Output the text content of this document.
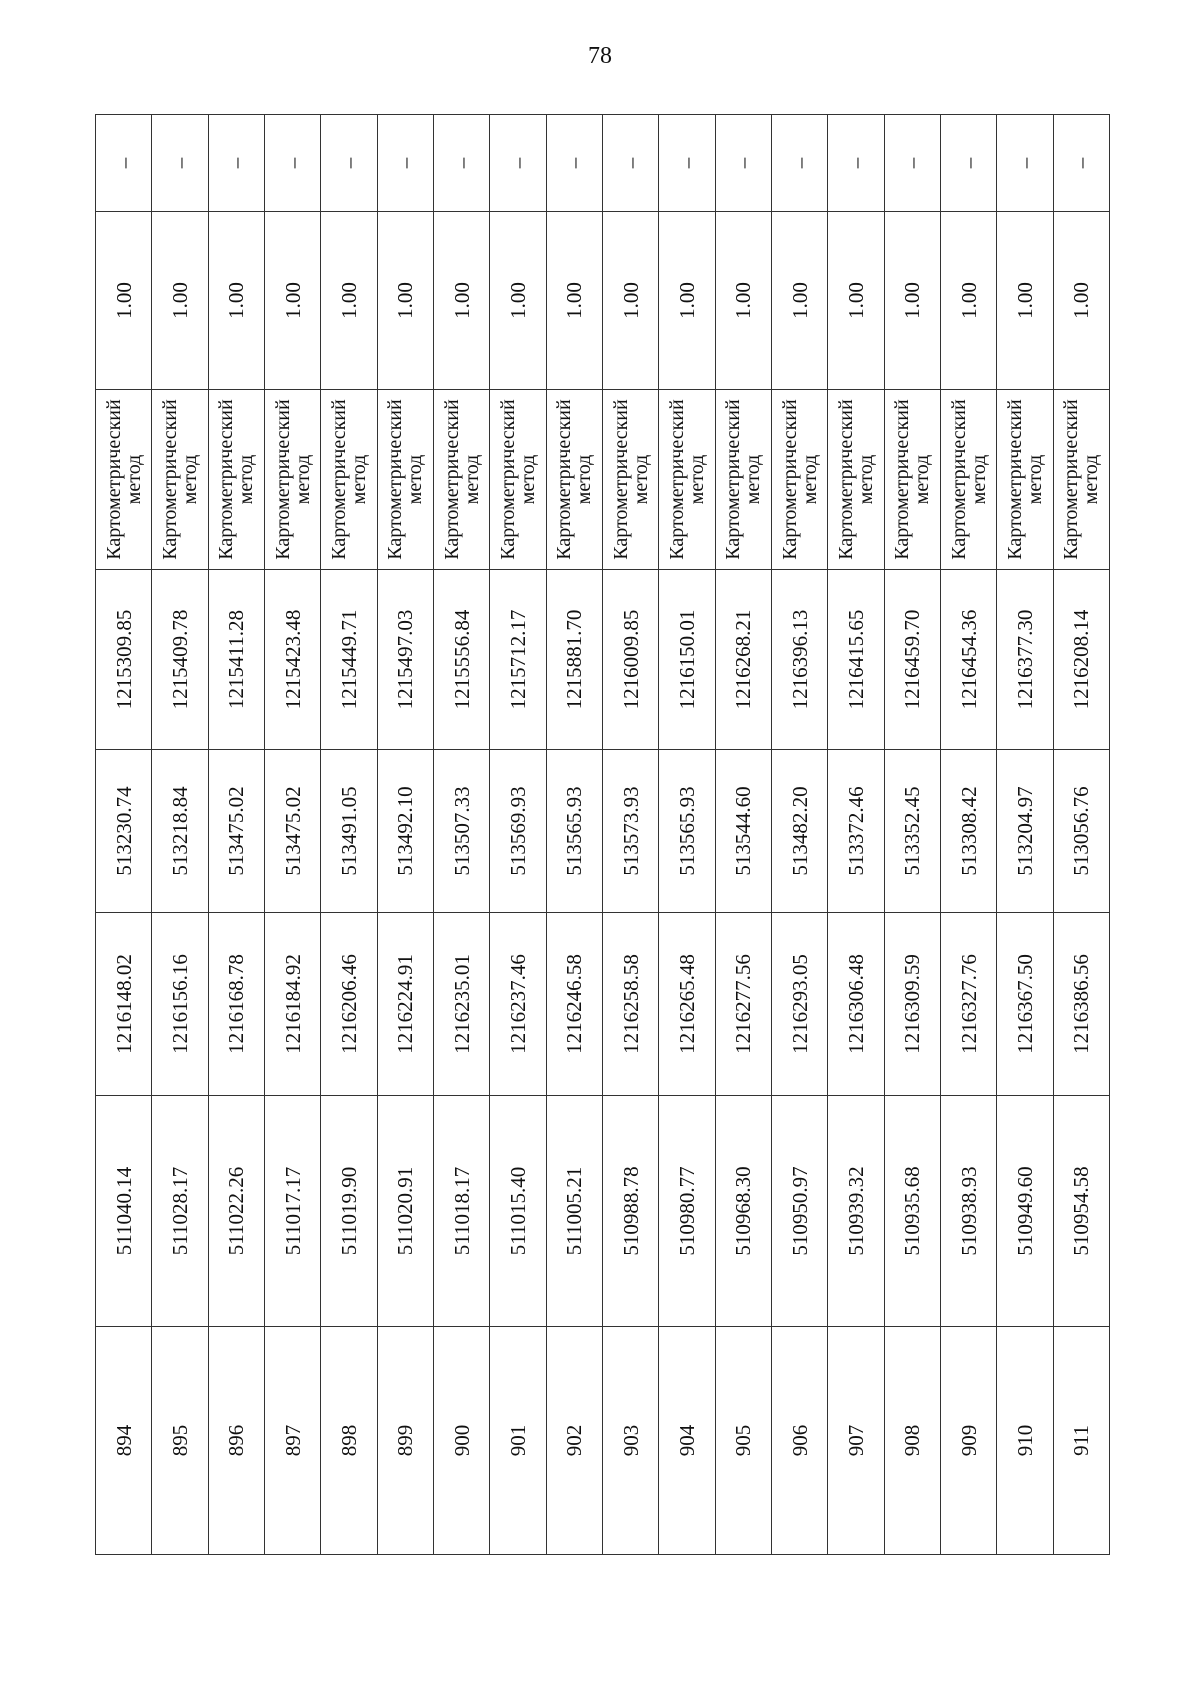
78
894	511040.14	1216148.02	513230.74	1215309.85	Картометрический метод	1.00	–
895	511028.17	1216156.16	513218.84	1215409.78	Картометрический метод	1.00	–
896	511022.26	1216168.78	513475.02	1215411.28	Картометрический метод	1.00	–
897	511017.17	1216184.92	513475.02	1215423.48	Картометрический метод	1.00	–
898	511019.90	1216206.46	513491.05	1215449.71	Картометрический метод	1.00	–
899	511020.91	1216224.91	513492.10	1215497.03	Картометрический метод	1.00	–
900	511018.17	1216235.01	513507.33	1215556.84	Картометрический метод	1.00	–
901	511015.40	1216237.46	513569.93	1215712.17	Картометрический метод	1.00	–
902	511005.21	1216246.58	513565.93	1215881.70	Картометрический метод	1.00	–
903	510988.78	1216258.58	513573.93	1216009.85	Картометрический метод	1.00	–
904	510980.77	1216265.48	513565.93	1216150.01	Картометрический метод	1.00	–
905	510968.30	1216277.56	513544.60	1216268.21	Картометрический метод	1.00	–
906	510950.97	1216293.05	513482.20	1216396.13	Картометрический метод	1.00	–
907	510939.32	1216306.48	513372.46	1216415.65	Картометрический метод	1.00	–
908	510935.68	1216309.59	513352.45	1216459.70	Картометрический метод	1.00	–
909	510938.93	1216327.76	513308.42	1216454.36	Картометрический метод	1.00	–
910	510949.60	1216367.50	513204.97	1216377.30	Картометрический метод	1.00	–
911	510954.58	1216386.56	513056.76	1216208.14	Картометрический метод	1.00	–
